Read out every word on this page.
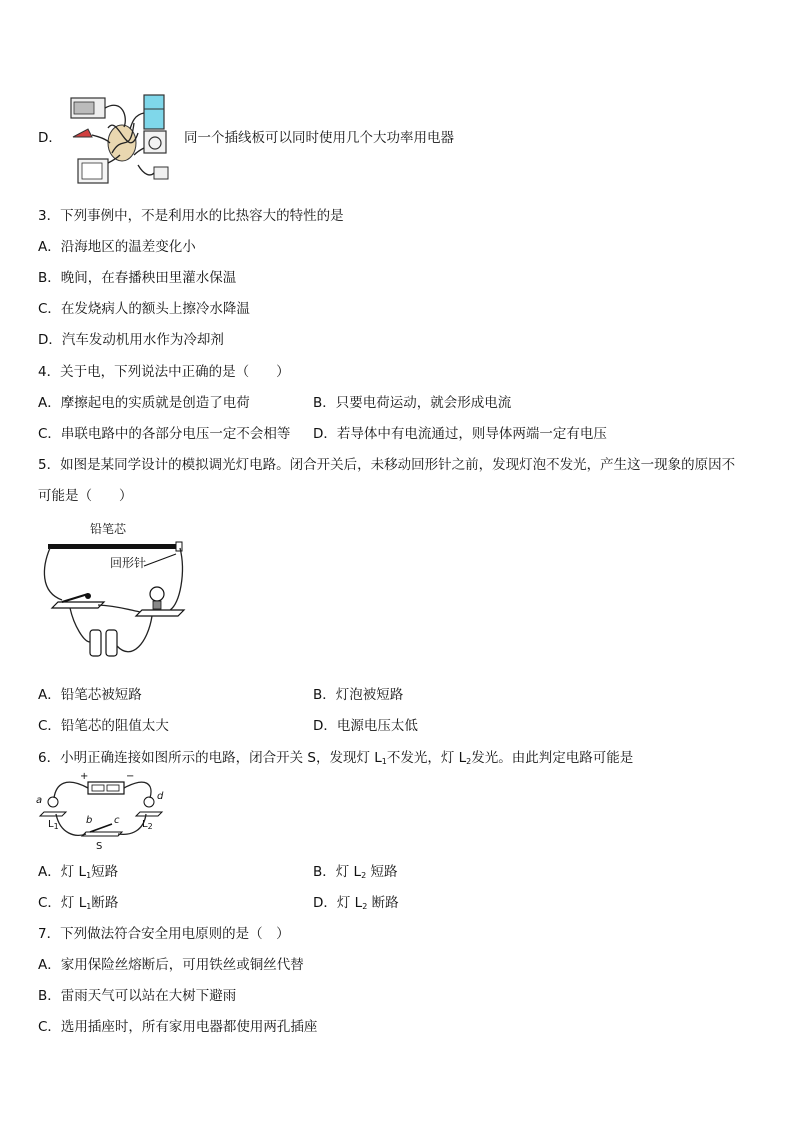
D．	同一个插线板可以同时使用几个大功率用电器
3．下列事例中，不是利用水的比热容大的特性的是
A．沿海地区的温差变化小
B．晚间，在春播秧田里灌水保温
C．在发烧病人的额头上擦冷水降温
D．汽车发动机用水作为冷却剂
4．关于电，下列说法中正确的是（　　）
A．摩擦起电的实质就是创造了电荷	B．只要电荷运动，就会形成电流
C．串联电路中的各部分电压一定不会相等 D．若导体中有电流通过，则导体两端一定有电压
5．如图是某同学设计的模拟调光灯电路。闭合开关后，未移动回形针之前，发现灯泡不发光，产生这一现象的原因不
可能是（　　）
铅笔芯
回形针
A．铅笔芯被短路	B．灯泡被短路
C．铅笔芯的阻值太大	D．电源电压太低
6．小明正确连接如图所示的电路，闭合开关 S，发现灯 $L_1$不发光，灯 $L_2$发光。由此判定电路可能是
+	−
a	d
b c
$L_1$	$L_2$
S
A．灯 $L_1$短路	B．灯 $L_2$ 短路
C．灯 $L_1$断路	D．灯 $L_2$ 断路
7．下列做法符合安全用电原则的是（　）
A．家用保险丝熔断后，可用铁丝或铜丝代替
B．雷雨天气可以站在大树下避雨
C．选用插座时，所有家用电器都使用两孔插座
